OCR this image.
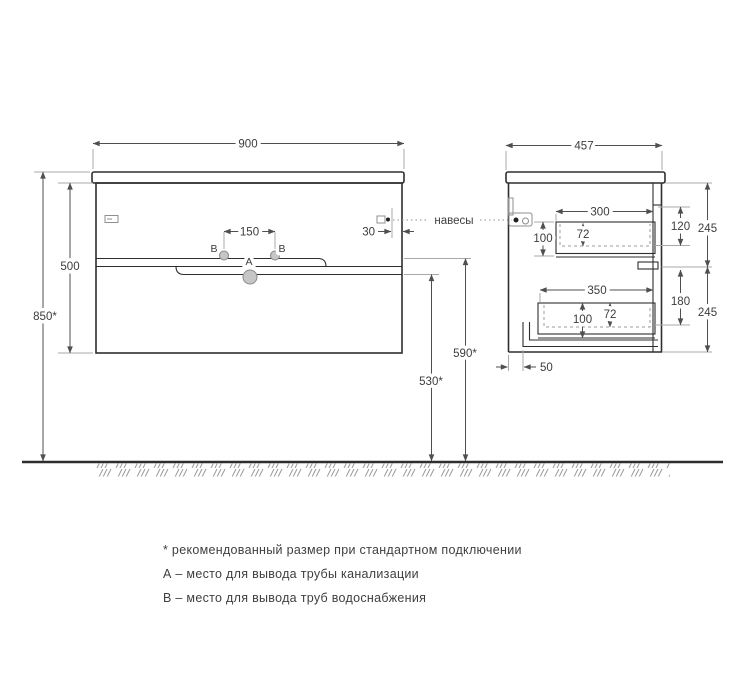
B	B
A
900
850*
500
150	30
навесы
590*
530*
457
300
100 72
350
100 72
120 245
180
245
50
* рекомендованный размер при стандартном подключении
А – место для вывода трубы канализации
В – место для вывода труб водоснабжения
